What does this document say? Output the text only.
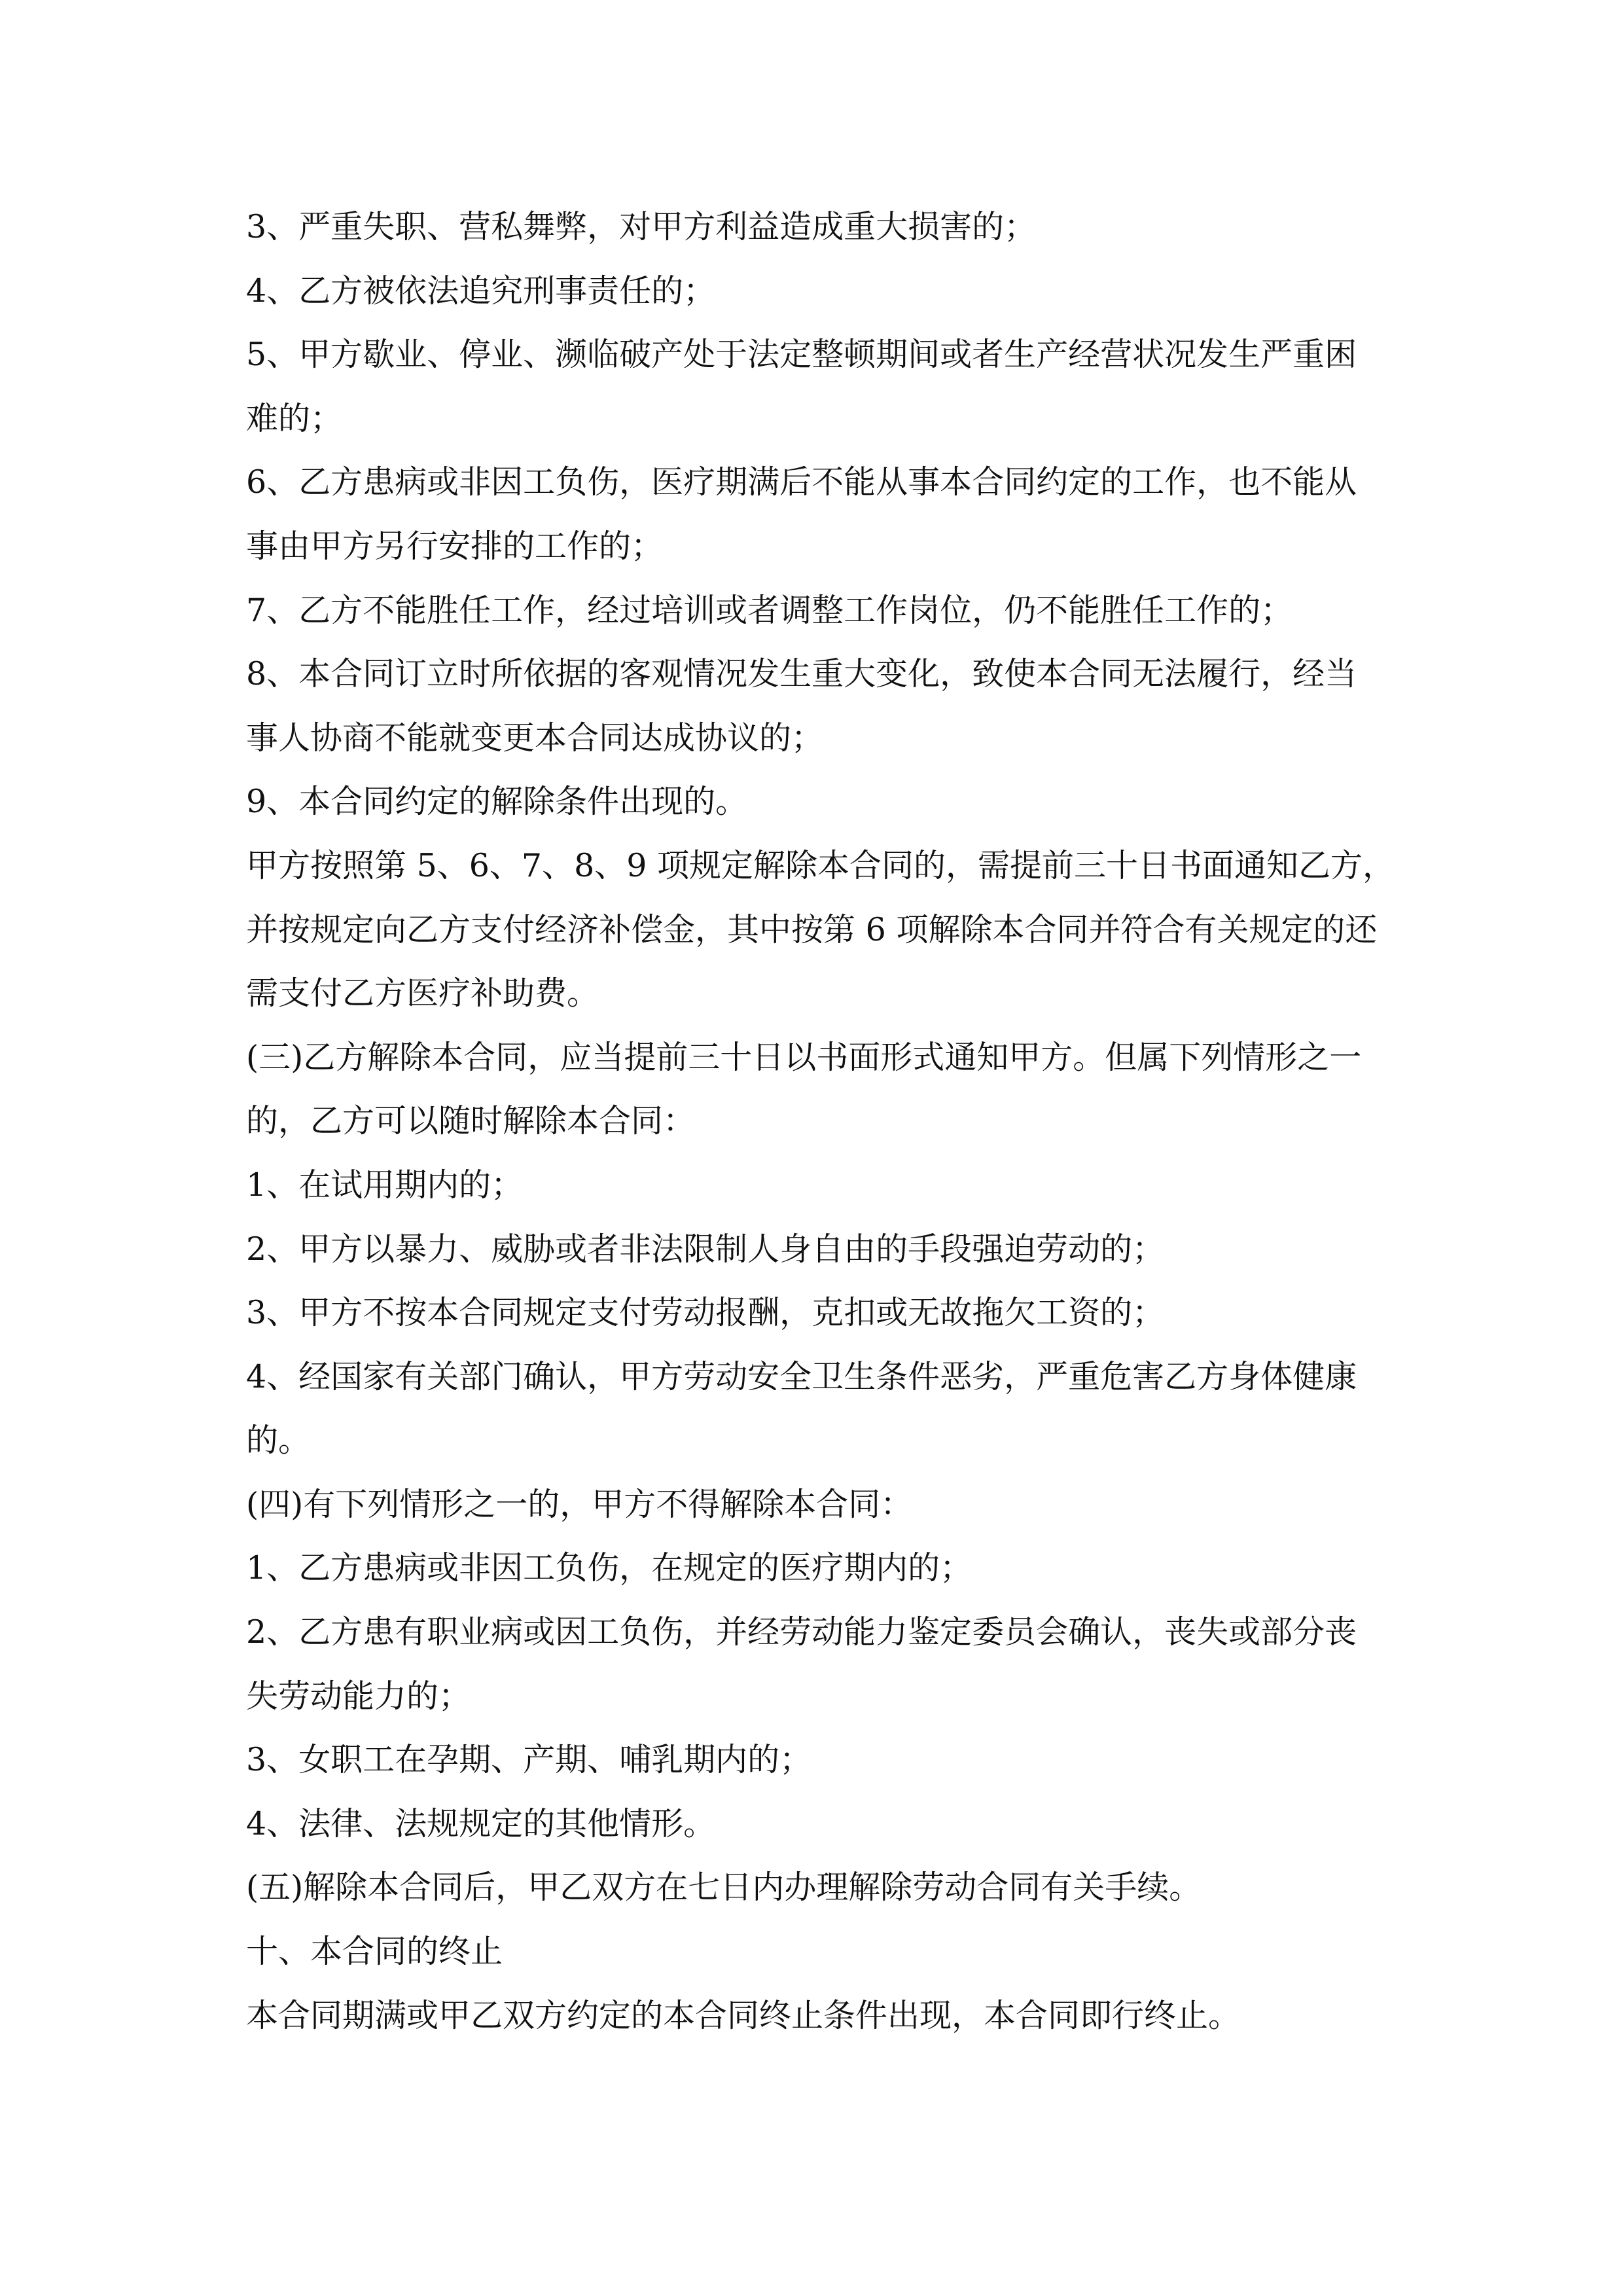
3、严重失职、营私舞弊，对甲方利益造成重大损害的；
4、乙方被依法追究刑事责任的；
5、甲方歇业、停业、濒临破产处于法定整顿期间或者生产经营状况发生严重困
难的；
6、乙方患病或非因工负伤，医疗期满后不能从事本合同约定的工作，也不能从
事由甲方另行安排的工作的；
7、乙方不能胜任工作，经过培训或者调整工作岗位，仍不能胜任工作的；
8、本合同订立时所依据的客观情况发生重大变化，致使本合同无法履行，经当
事人协商不能就变更本合同达成协议的；
9、本合同约定的解除条件出现的。
甲方按照第 5、6、7、8、9 项规定解除本合同的，需提前三十日书面通知乙方，
并按规定向乙方支付经济补偿金，其中按第 6 项解除本合同并符合有关规定的还
需支付乙方医疗补助费。
(三)乙方解除本合同，应当提前三十日以书面形式通知甲方。但属下列情形之一
的，乙方可以随时解除本合同：
1、在试用期内的；
2、甲方以暴力、威胁或者非法限制人身自由的手段强迫劳动的；
3、甲方不按本合同规定支付劳动报酬，克扣或无故拖欠工资的；
4、经国家有关部门确认，甲方劳动安全卫生条件恶劣，严重危害乙方身体健康
的。
(四)有下列情形之一的，甲方不得解除本合同：
1、乙方患病或非因工负伤，在规定的医疗期内的；
2、乙方患有职业病或因工负伤，并经劳动能力鉴定委员会确认，丧失或部分丧
失劳动能力的；
3、女职工在孕期、产期、哺乳期内的；
4、法律、法规规定的其他情形。
(五)解除本合同后，甲乙双方在七日内办理解除劳动合同有关手续。
十、本合同的终止
本合同期满或甲乙双方约定的本合同终止条件出现，本合同即行终止。
